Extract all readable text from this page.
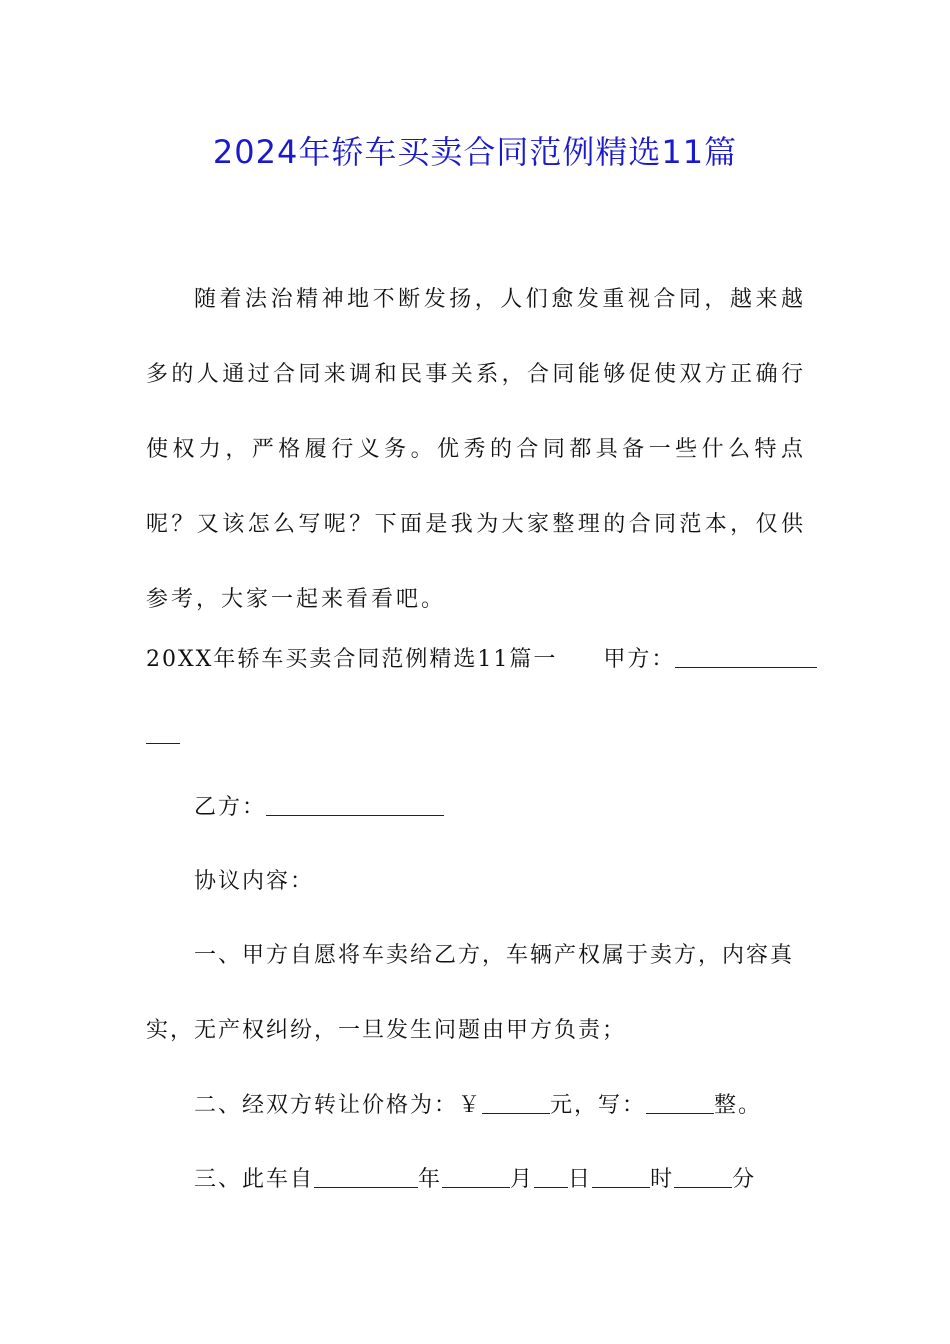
2024年轿车买卖合同范例精选11篇
随着法治精神地不断发扬，人们愈发重视合同，越来越多的人通过合同来调和民事关系，合同能够促使双方正确行使权力，严格履行义务。优秀的合同都具备一些什么特点呢？又该怎么写呢？下面是我为大家整理的合同范本，仅供参考，大家一起来看看吧。
20XX年轿车买卖合同范例精选11篇一 甲方：
乙方：
协议内容：
一、甲方自愿将车卖给乙方，车辆产权属于卖方，内容真
实，无产权纠纷，一旦发生问题由甲方负责；
二、经双方转让价格为：￥	元，写：	整。
三、此车自	年	月 日	时	分
